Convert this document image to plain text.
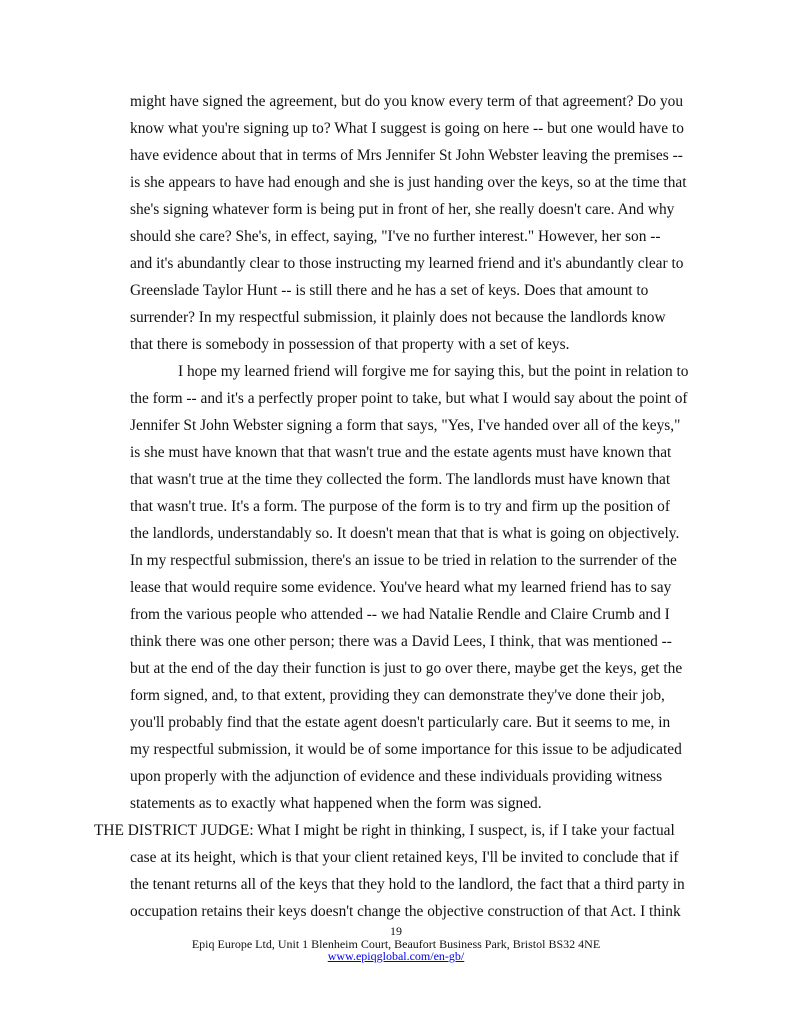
might have signed the agreement, but do you know every term of that agreement? Do you
know what you're signing up to? What I suggest is going on here -- but one would have to
have evidence about that in terms of Mrs Jennifer St John Webster leaving the premises --
is she appears to have had enough and she is just handing over the keys, so at the time that
she's signing whatever form is being put in front of her, she really doesn't care. And why
should she care? She's, in effect, saying, "I've no further interest." However, her son --
and it's abundantly clear to those instructing my learned friend and it's abundantly clear to
Greenslade Taylor Hunt -- is still there and he has a set of keys. Does that amount to
surrender? In my respectful submission, it plainly does not because the landlords know
that there is somebody in possession of that property with a set of keys.
I hope my learned friend will forgive me for saying this, but the point in relation to
the form -- and it's a perfectly proper point to take, but what I would say about the point of
Jennifer St John Webster signing a form that says, "Yes, I've handed over all of the keys,"
is she must have known that that wasn't true and the estate agents must have known that
that wasn't true at the time they collected the form. The landlords must have known that
that wasn't true. It's a form. The purpose of the form is to try and firm up the position of
the landlords, understandably so. It doesn't mean that that is what is going on objectively.
In my respectful submission, there's an issue to be tried in relation to the surrender of the
lease that would require some evidence. You've heard what my learned friend has to say
from the various people who attended -- we had Natalie Rendle and Claire Crumb and I
think there was one other person; there was a David Lees, I think, that was mentioned --
but at the end of the day their function is just to go over there, maybe get the keys, get the
form signed, and, to that extent, providing they can demonstrate they've done their job,
you'll probably find that the estate agent doesn't particularly care. But it seems to me, in
my respectful submission, it would be of some importance for this issue to be adjudicated
upon properly with the adjunction of evidence and these individuals providing witness
statements as to exactly what happened when the form was signed.
THE DISTRICT JUDGE: What I might be right in thinking, I suspect, is, if I take your factual
case at its height, which is that your client retained keys, I'll be invited to conclude that if
the tenant returns all of the keys that they hold to the landlord, the fact that a third party in
occupation retains their keys doesn't change the objective construction of that Act. I think
19
Epiq Europe Ltd, Unit 1 Blenheim Court, Beaufort Business Park, Bristol BS32 4NE
www.epiqglobal.com/en-gb/
